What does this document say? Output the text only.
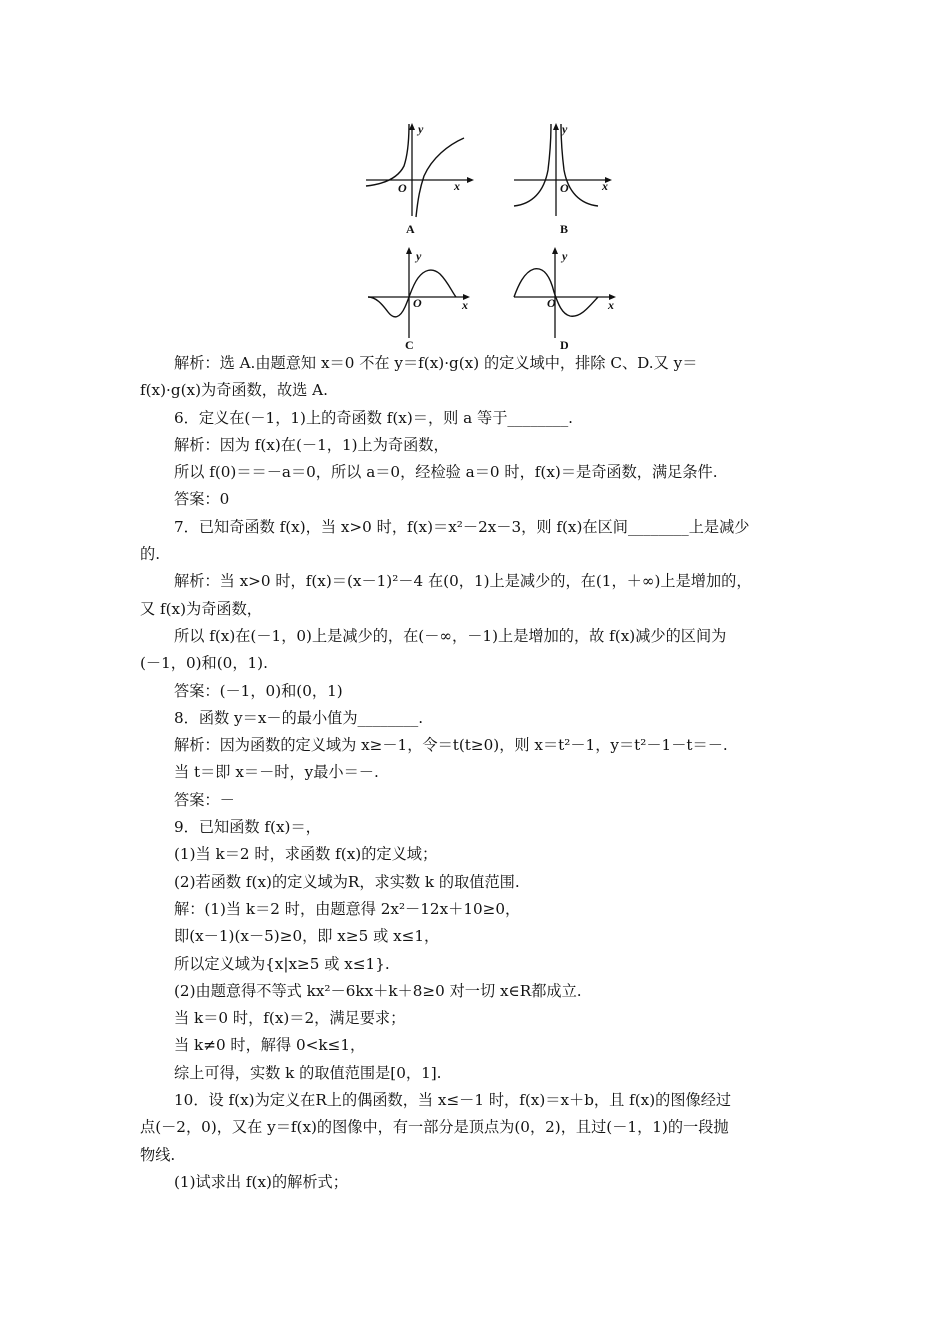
y
x
O
A
y
x
O
B
y
x
O
C
y
x
O
D
解析：选 A.由题意知 x＝0 不在 y＝f(x)·g(x) 的定义域中，排除 C、D.又 y＝
f(x)·g(x)为奇函数，故选 A.
6．定义在(－1，1)上的奇函数 f(x)＝，则 a 等于________.
解析：因为 f(x)在(－1，1)上为奇函数，
所以 f(0)＝＝－a＝0，所以 a＝0，经检验 a＝0 时，f(x)＝是奇函数，满足条件.
答案：0
7．已知奇函数 f(x)，当 x>0 时，f(x)＝x²－2x－3，则 f(x)在区间________上是减少
的.
解析：当 x>0 时，f(x)＝(x－1)²－4 在(0，1)上是减少的，在(1，＋∞)上是增加的，
又 f(x)为奇函数，
所以 f(x)在(－1，0)上是减少的，在(－∞，－1)上是增加的，故 f(x)减少的区间为
(－1，0)和(0，1).
答案：(－1，0)和(0，1)
8．函数 y＝x－的最小值为________.
解析：因为函数的定义域为 x≥－1，令＝t(t≥0)，则 x＝t²－1，y＝t²－1－t＝－.
当 t＝即 x＝－时，y最小＝－.
答案：－
9．已知函数 f(x)＝，
(1)当 k＝2 时，求函数 f(x)的定义域；
(2)若函数 f(x)的定义域为R，求实数 k 的取值范围.
解：(1)当 k＝2 时，由题意得 2x²－12x＋10≥0，
即(x－1)(x－5)≥0，即 x≥5 或 x≤1，
所以定义域为{x|x≥5 或 x≤1}.
(2)由题意得不等式 kx²－6kx＋k＋8≥0 对一切 x∈R都成立.
当 k＝0 时，f(x)＝2，满足要求；
当 k≠0 时，解得 0<k≤1，
综上可得，实数 k 的取值范围是[0，1].
10．设 f(x)为定义在R上的偶函数，当 x≤－1 时，f(x)＝x＋b，且 f(x)的图像经过
点(－2，0)，又在 y＝f(x)的图像中，有一部分是顶点为(0，2)，且过(－1，1)的一段抛
物线.
(1)试求出 f(x)的解析式；
